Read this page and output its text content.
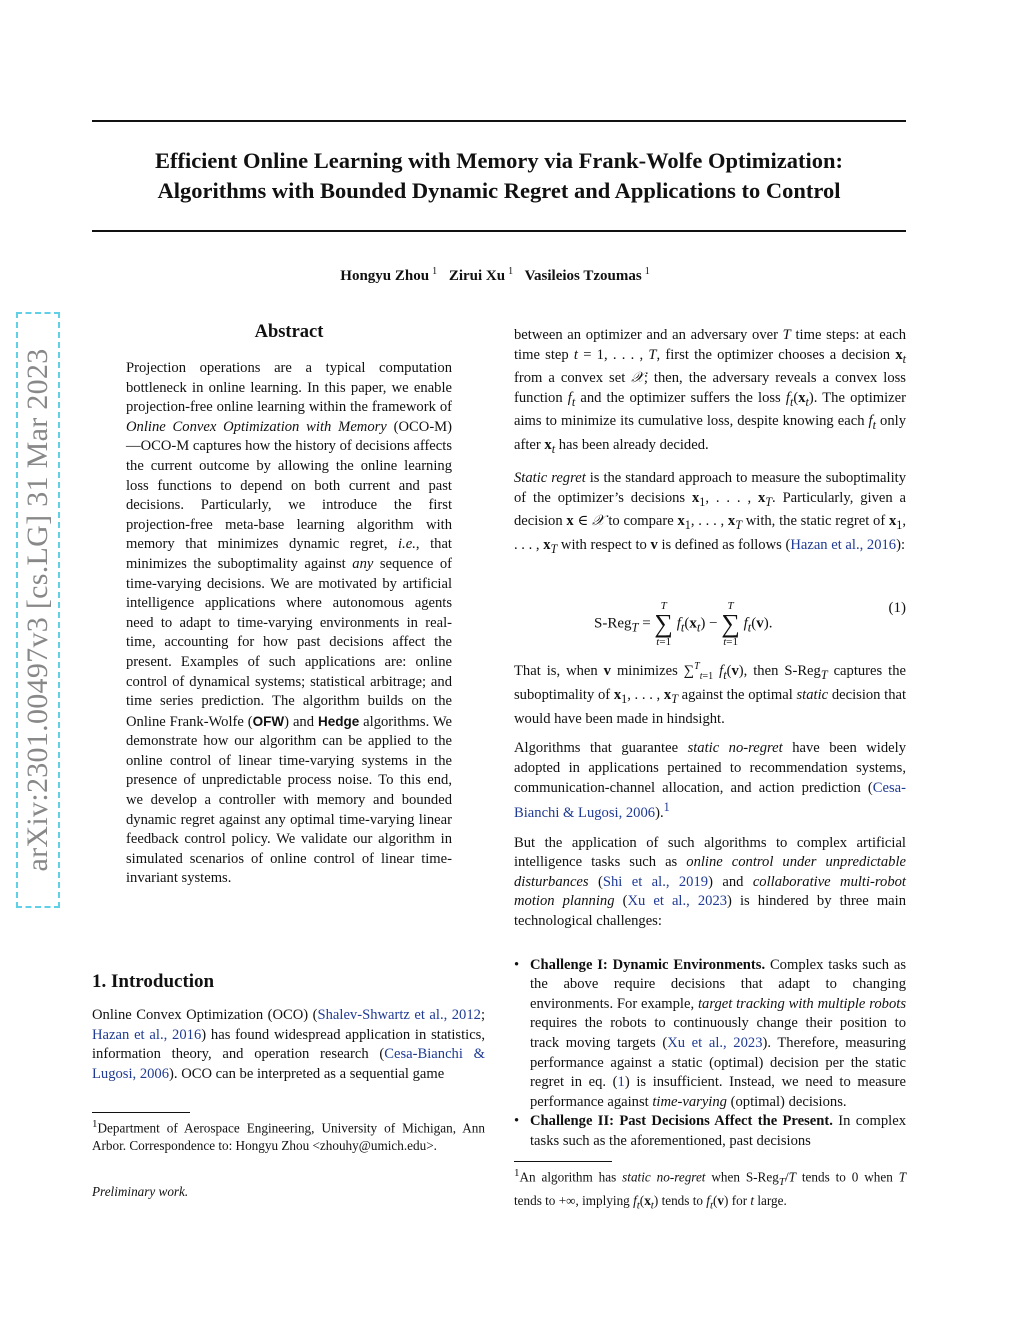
Efficient Online Learning with Memory via Frank-Wolfe Optimization:
Algorithms with Bounded Dynamic Regret and Applications to Control
Hongyu Zhou $^1$ Zirui Xu $^1$ Vasileios Tzoumas $^1$
arXiv:2301.00497v3 [cs.LG] 31 Mar 2023
Abstract

Projection operations are a typical computation bottleneck in online learning. In this paper, we enable projection-free online learning within the framework of Online Convex Optimization with Memory (OCO-M) —OCO-M captures how the history of decisions affects the current outcome by allowing the online learning loss functions to depend on both current and past decisions. Particularly, we introduce the first projection-free meta-base learning algorithm with memory that minimizes dynamic regret, i.e., that minimizes the suboptimality against any sequence of time-varying decisions. We are motivated by artificial intelligence applications where autonomous agents need to adapt to time-varying environments in real-time, accounting for how past decisions affect the present. Examples of such applications are: online control of dynamical systems; statistical arbitrage; and time series prediction. The algorithm builds on the Online Frank-Wolfe (OFW) and Hedge algorithms. We demonstrate how our algorithm can be applied to the online control of linear time-varying systems in the presence of unpredictable process noise. To this end, we develop a controller with memory and bounded dynamic regret against any optimal time-varying linear feedback control policy. We validate our algorithm in simulated scenarios of online control of linear time-invariant systems.

1. Introduction

Online Convex Optimization (OCO) (Shalev-Shwartz et al., 2012; Hazan et al., 2016) has found widespread application in statistics, information theory, and operation research (Cesa-Bianchi & Lugosi, 2006). OCO can be interpreted as a sequential game

$^1$Department of Aerospace Engineering, University of Michigan, Ann Arbor. Correspondence to: Hongyu Zhou <zhouhy@umich.edu>.
Preliminary work.

between an optimizer and an adversary over T time steps: at each time step t = 1, . . . , T, first the optimizer chooses a decision $x_t$ from a convex set 𝒳; then, the adversary reveals a convex loss function $f_t$ and the optimizer suffers the loss $f_t(x_t)$. The optimizer aims to minimize its cumulative loss, despite knowing each $f_t$ only after $x_t$ has been already decided.

Static regret is the standard approach to measure the suboptimality of the optimizer’s decisions $x_1$, . . . , $x_T$. Particularly, given a decision x ∈ 𝒳 to compare $x_1$, . . . , $x_T$ with, the static regret of $x_1$, . . . , $x_T$ with respect to v is defined as follows (Hazan et al., 2016):

S-Reg$_T$ = T
∑
t=1 $f_t(x_t) - T$
∑
t=1 $f_t(v)$.
(1)

That is, when v minimizes ∑$^T_{t=1}$ $f_t(v)$, then S-Reg$_T$ captures the suboptimality of $x_1$, . . . , $x_T$ against the optimal static decision that would have been made in hindsight.

Algorithms that guarantee static no-regret have been widely adopted in applications pertained to recommendation systems, communication-channel allocation, and action prediction (Cesa-Bianchi & Lugosi, 2006).$^1$

But the application of such algorithms to complex artificial intelligence tasks such as online control under unpredictable disturbances (Shi et al., 2019) and collaborative multi-robot motion planning (Xu et al., 2023) is hindered by three main technological challenges:

• Challenge I: Dynamic Environments. Complex tasks such as the above require decisions that adapt to changing environments. For example, target tracking with multiple robots requires the robots to continuously change their position to track moving targets (Xu et al., 2023). Therefore, measuring performance against a static (optimal) decision per the static regret in eq. (1) is insufficient. Instead, we need to measure performance against time-varying (optimal) decisions.
• Challenge II: Past Decisions Affect the Present. In complex tasks such as the aforementioned, past decisions
$^1$An algorithm has static no-regret when S-Reg$_T$/T tends to 0 when T tends to +∞, implying $f_t(x_t)$ tends to $f_t(v)$ for t large.
